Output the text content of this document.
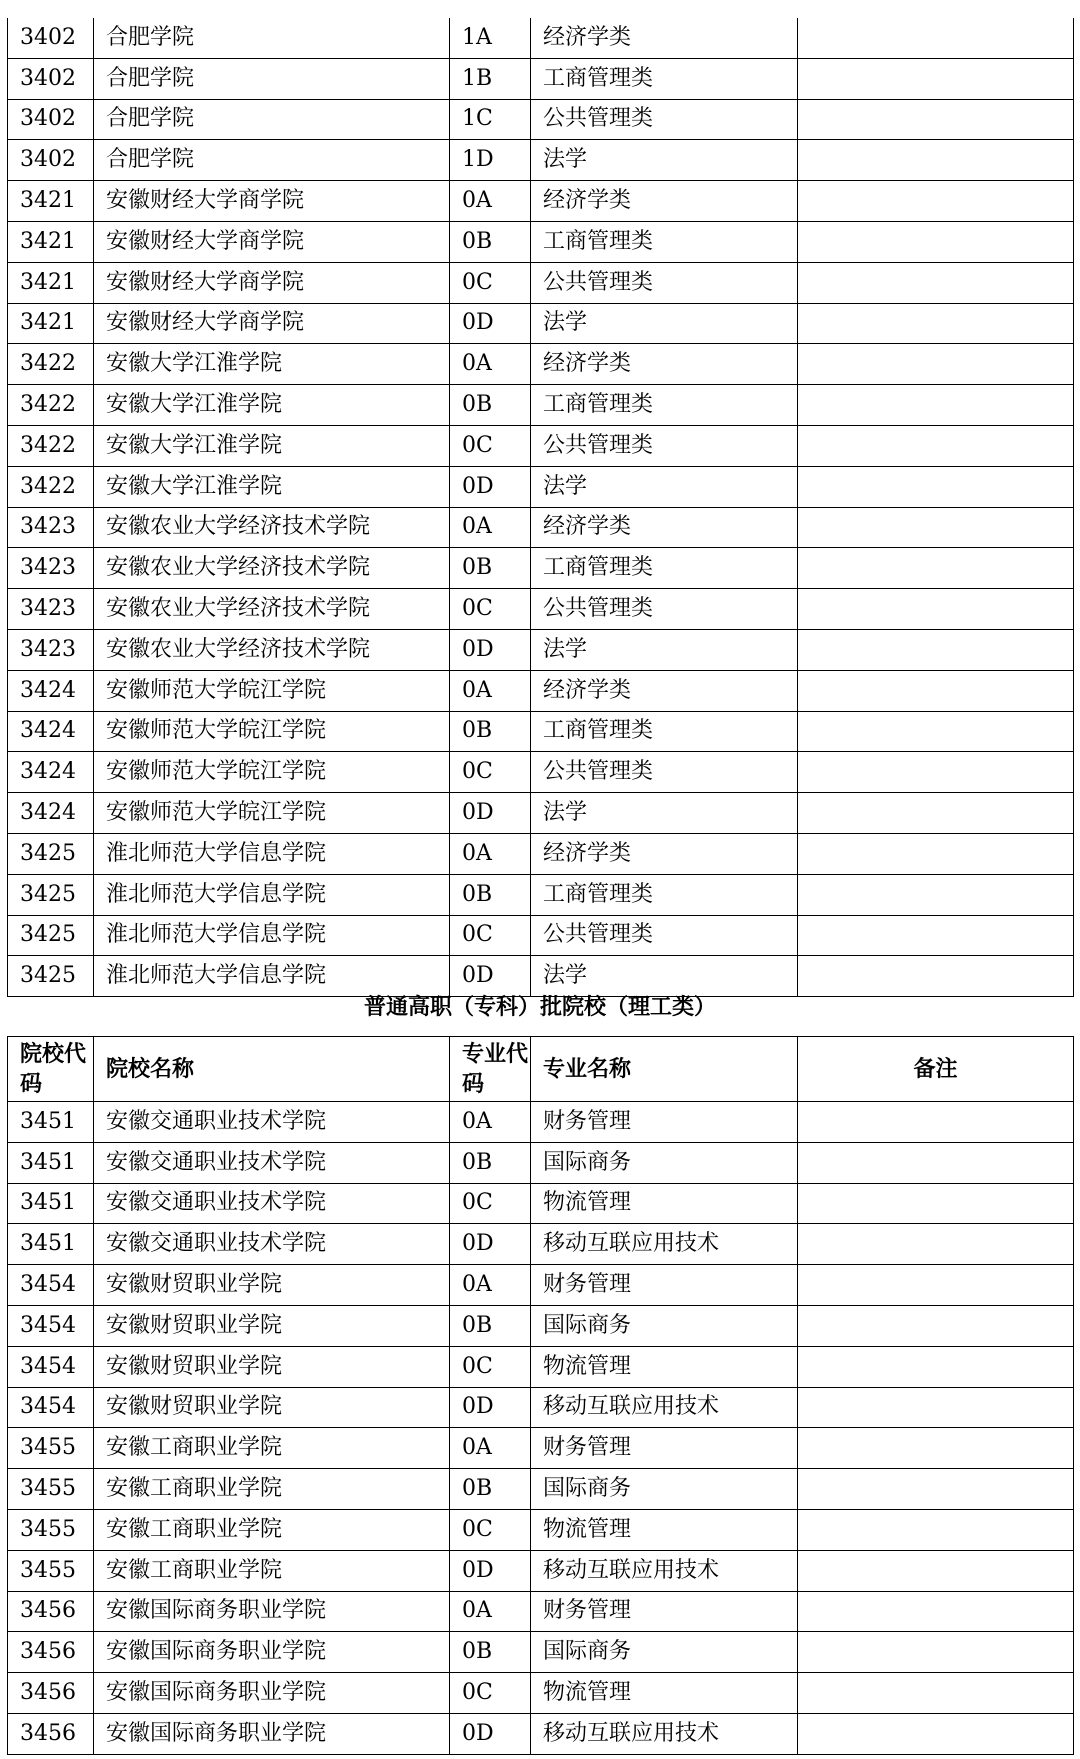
3402	合肥学院	1A	经济学类	
3402	合肥学院	1B	工商管理类	
3402	合肥学院	1C	公共管理类	
3402	合肥学院	1D	法学	
3421	安徽财经大学商学院	0A	经济学类	
3421	安徽财经大学商学院	0B	工商管理类	
3421	安徽财经大学商学院	0C	公共管理类	
3421	安徽财经大学商学院	0D	法学	
3422	安徽大学江淮学院	0A	经济学类	
3422	安徽大学江淮学院	0B	工商管理类	
3422	安徽大学江淮学院	0C	公共管理类	
3422	安徽大学江淮学院	0D	法学	
3423	安徽农业大学经济技术学院	0A	经济学类	
3423	安徽农业大学经济技术学院	0B	工商管理类	
3423	安徽农业大学经济技术学院	0C	公共管理类	
3423	安徽农业大学经济技术学院	0D	法学	
3424	安徽师范大学皖江学院	0A	经济学类	
3424	安徽师范大学皖江学院	0B	工商管理类	
3424	安徽师范大学皖江学院	0C	公共管理类	
3424	安徽师范大学皖江学院	0D	法学	
3425	淮北师范大学信息学院	0A	经济学类	
3425	淮北师范大学信息学院	0B	工商管理类	
3425	淮北师范大学信息学院	0C	公共管理类	
3425	淮北师范大学信息学院	0D	法学	
普通高职（专科）批院校（理工类）
院校代码	院校名称	专业代码	专业名称	备注
3451	安徽交通职业技术学院	0A	财务管理	
3451	安徽交通职业技术学院	0B	国际商务	
3451	安徽交通职业技术学院	0C	物流管理	
3451	安徽交通职业技术学院	0D	移动互联应用技术	
3454	安徽财贸职业学院	0A	财务管理	
3454	安徽财贸职业学院	0B	国际商务	
3454	安徽财贸职业学院	0C	物流管理	
3454	安徽财贸职业学院	0D	移动互联应用技术	
3455	安徽工商职业学院	0A	财务管理	
3455	安徽工商职业学院	0B	国际商务	
3455	安徽工商职业学院	0C	物流管理	
3455	安徽工商职业学院	0D	移动互联应用技术	
3456	安徽国际商务职业学院	0A	财务管理	
3456	安徽国际商务职业学院	0B	国际商务	
3456	安徽国际商务职业学院	0C	物流管理	
3456	安徽国际商务职业学院	0D	移动互联应用技术	
